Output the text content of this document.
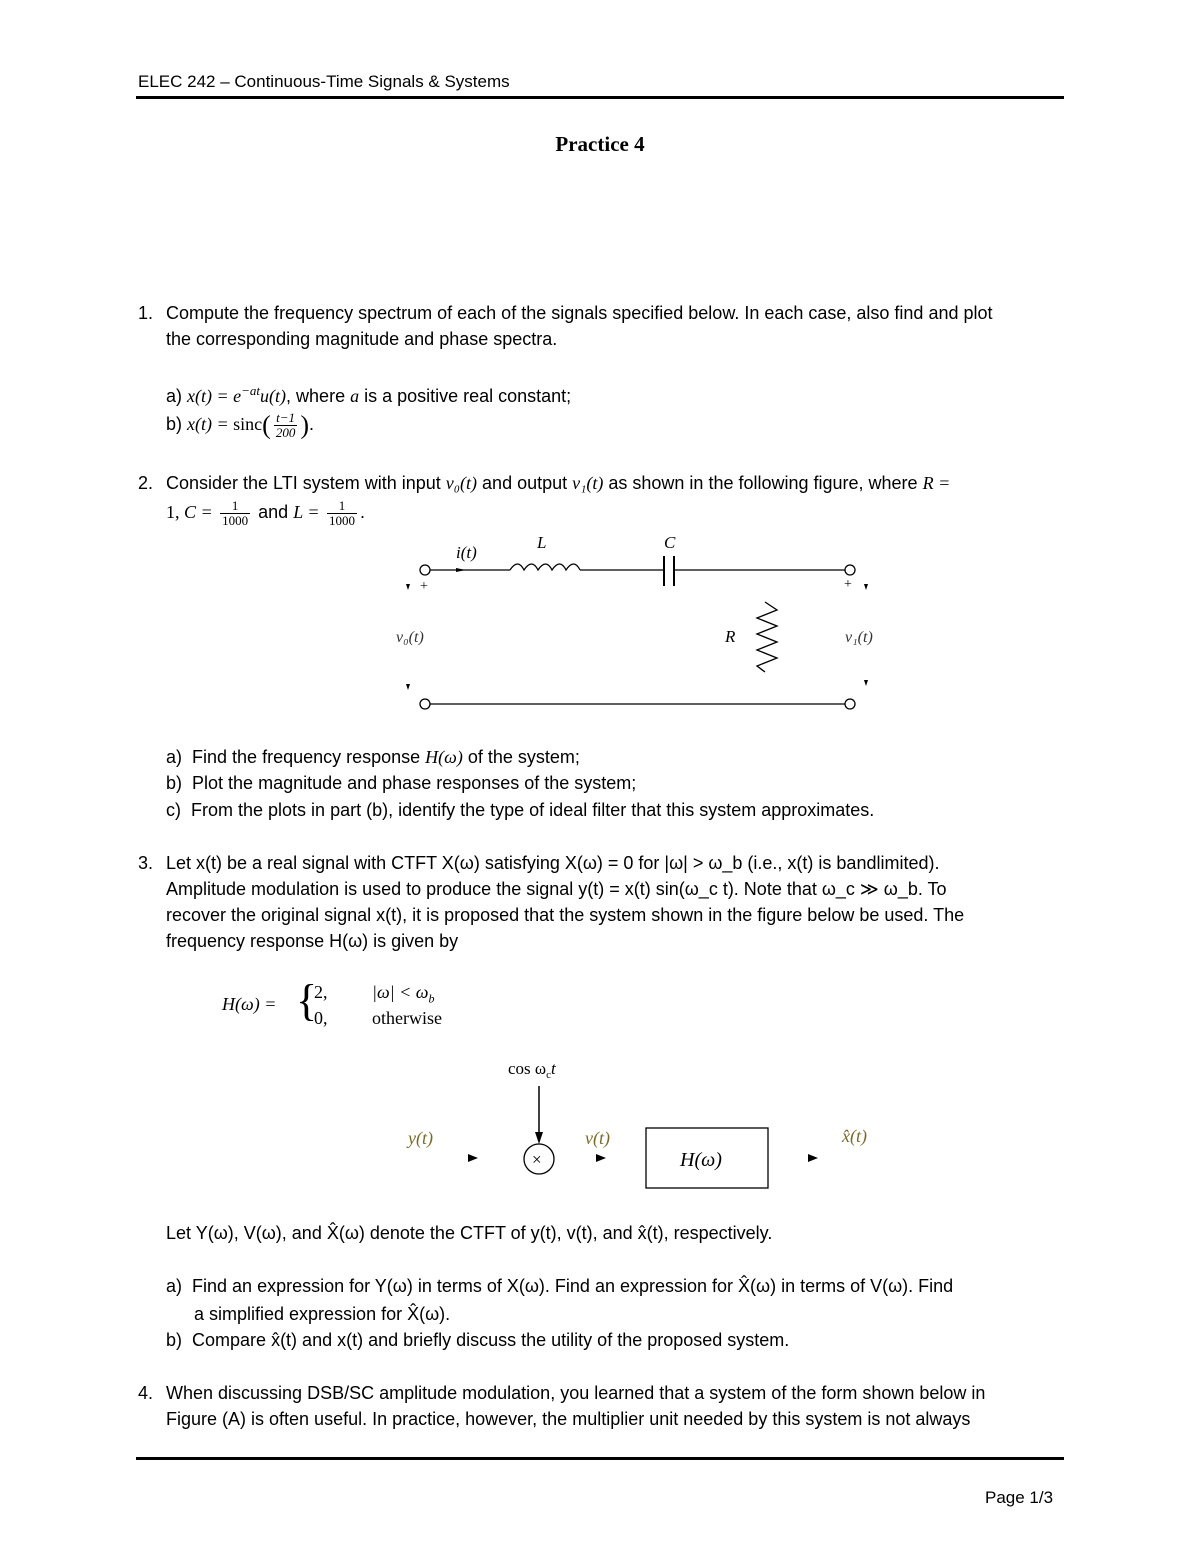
ELEC 242 – Continuous-Time Signals & Systems
Practice 4
1. Compute the frequency spectrum of each of the signals specified below. In each case, also find and plot
the corresponding magnitude and phase spectra.
a) $x(t) = e^{-at}u(t)$, where a is a positive real constant;
b) $x(t) = \sin c( \frac{t-1}{200}$ ).
2. Consider the LTI system with input v₀(t) and output v₁(t) as shown in the following figure, where R =
1, $C = \frac{1}{1000}$ and $L = \frac{1}{1000}$ .
i(t)
L	C
R
v₀(t)	v₁(t)
+	+
a) Find the frequency response H(ω) of the system;
b) Plot the magnitude and phase responses of the system;
c) From the plots in part (b), identify the type of ideal filter that this system approximates.
3. Let x(t) be a real signal with CTFT X(ω) satisfying X(ω) = 0 for |ω| > ω_b (i.e., x(t) is bandlimited).
Amplitude modulation is used to produce the signal y(t) = x(t) sin(ω_c t). Note that ω_c ≫ ω_b. To
recover the original signal x(t), it is proposed that the system shown in the figure below be used. The
frequency response H(ω) is given by
H(ω) = {
2, $|\omega| < \omega_b$
0, otherwise
$\cos \omega_ct$
×
y(t)	v(t)
H(ω)
x̂(t)
Let Y(ω), V(ω), and X̂(ω) denote the CTFT of y(t), v(t), and x̂(t), respectively.
a) Find an expression for Y(ω) in terms of X(ω). Find an expression for X̂(ω) in terms of V(ω). Find
a simplified expression for X̂(ω).
b) Compare x̂(t) and x(t) and briefly discuss the utility of the proposed system.
4. When discussing DSB/SC amplitude modulation, you learned that a system of the form shown below in
Figure (A) is often useful. In practice, however, the multiplier unit needed by this system is not always
Page 1/3
